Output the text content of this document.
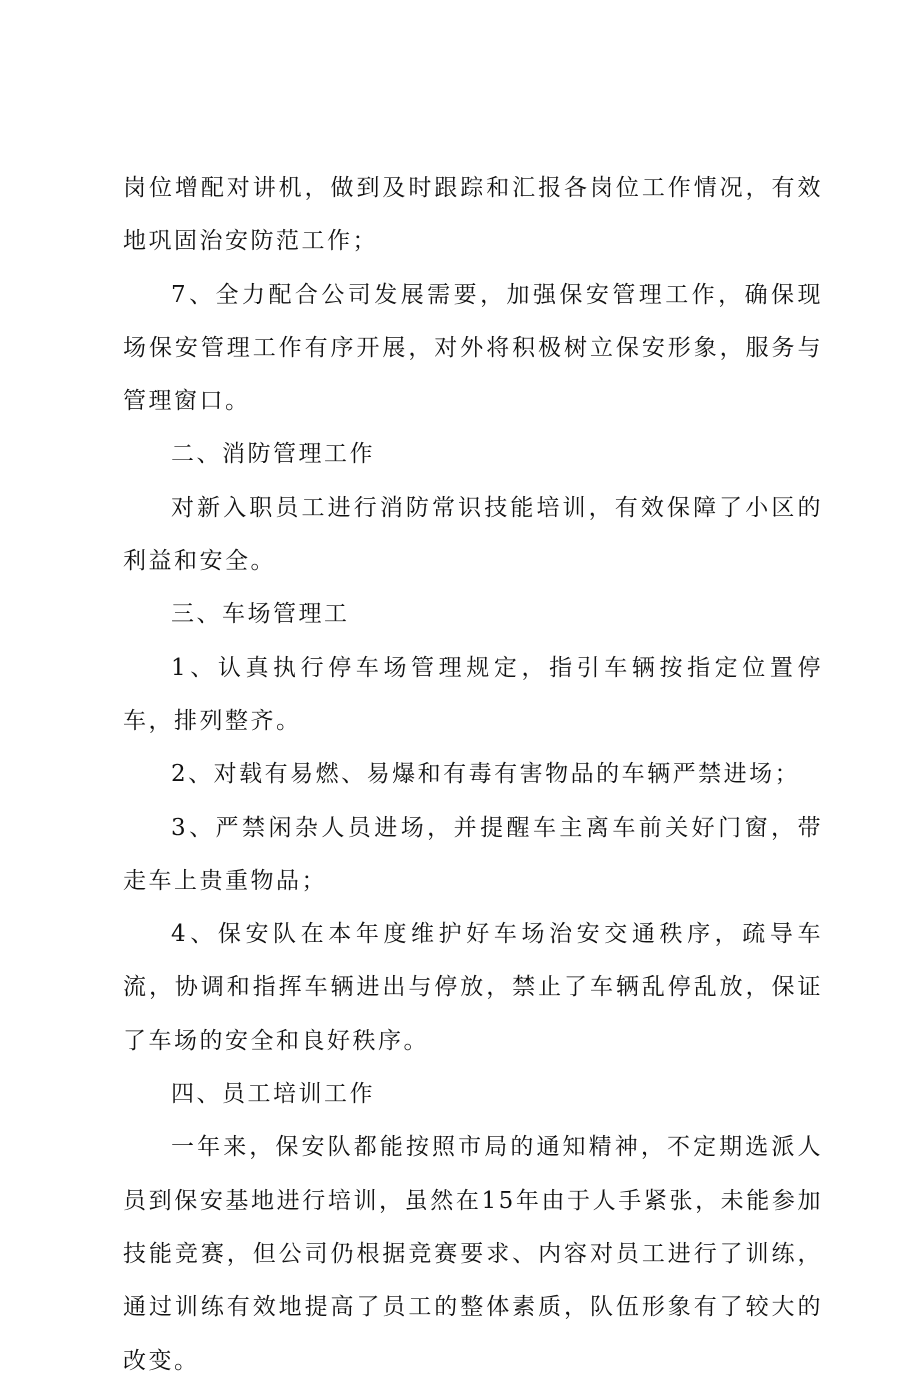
岗位增配对讲机，做到及时跟踪和汇报各岗位工作情况，有效地巩固治安防范工作；

7、全力配合公司发展需要，加强保安管理工作，确保现场保安管理工作有序开展，对外将积极树立保安形象，服务与管理窗口。

二、消防管理工作

对新入职员工进行消防常识技能培训，有效保障了小区的利益和安全。

三、车场管理工

1、认真执行停车场管理规定，指引车辆按指定位置停车，排列整齐。

2、对载有易燃、易爆和有毒有害物品的车辆严禁进场；

3、严禁闲杂人员进场，并提醒车主离车前关好门窗，带走车上贵重物品；

4、保安队在本年度维护好车场治安交通秩序，疏导车流，协调和指挥车辆进出与停放，禁止了车辆乱停乱放，保证了车场的安全和良好秩序。

四、员工培训工作

一年来，保安队都能按照市局的通知精神，不定期选派人员到保安基地进行培训，虽然在15年由于人手紧张，未能参加技能竞赛，但公司仍根据竞赛要求、内容对员工进行了训练，通过训练有效地提高了员工的整体素质，队伍形象有了较大的改变。
